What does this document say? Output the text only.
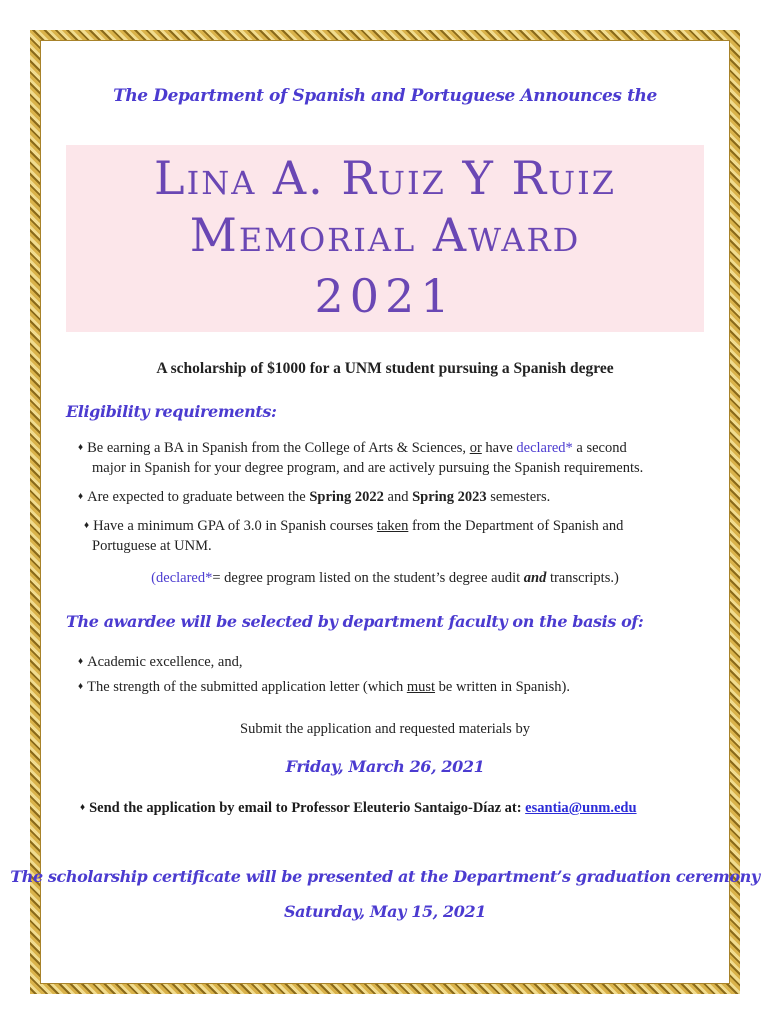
The Department of Spanish and Portuguese Announces the
Lina A. Ruiz Y Ruiz
Memorial Award
2021
A scholarship of $1000 for a UNM student pursuing a Spanish degree
Eligibility requirements:
♦ Be earning a BA in Spanish from the College of Arts & Sciences, or have declared* a second
major in Spanish for your degree program, and are actively pursuing the Spanish requirements.
♦ Are expected to graduate between the Spring 2022 and Spring 2023 semesters.
♦ Have a minimum GPA of 3.0 in Spanish courses taken from the Department of Spanish and
Portuguese at UNM.
(declared*= degree program listed on the student’s degree audit and transcripts.)
The awardee will be selected by department faculty on the basis of:
♦ Academic excellence, and,
♦ The strength of the submitted application letter (which must be written in Spanish).
Submit the application and requested materials by
Friday, March 26, 2021
♦ Send the application by email to Professor Eleuterio Santaigo-Díaz at: esantia@unm.edu
The scholarship certificate will be presented at the Department’s graduation ceremony
Saturday, May 15, 2021
